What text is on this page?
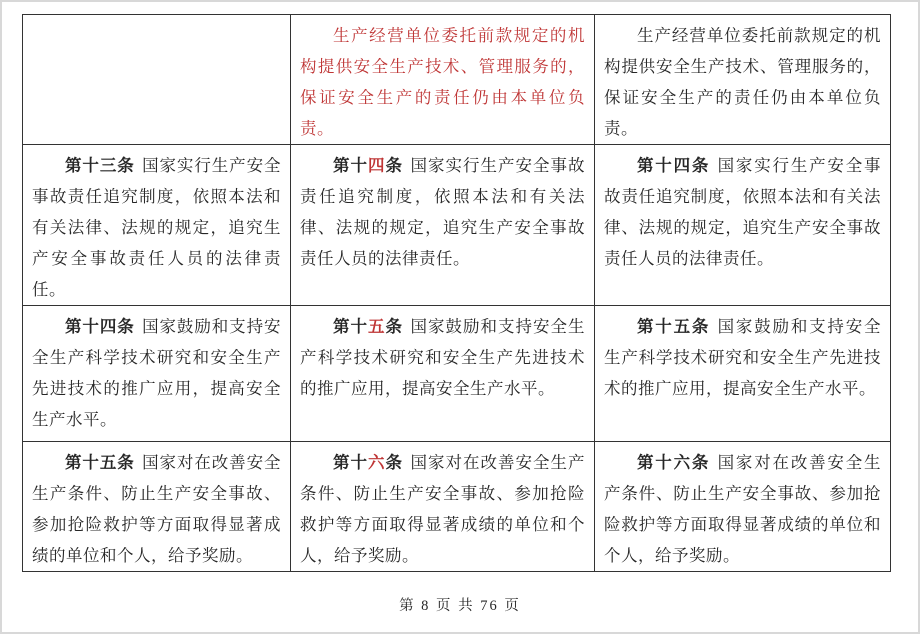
	生产经营单位委托前款规定的机构提供安全生产技术、管理服务的，保证安全生产的责任仍由本单位负责。	生产经营单位委托前款规定的机构提供安全生产技术、管理服务的，保证安全生产的责任仍由本单位负责。

第十三条 国家实行生产安全事故责任追究制度，依照本法和有关法律、法规的规定，追究生产安全事故责任人员的法律责任。	第十四条 国家实行生产安全事故责任追究制度，依照本法和有关法律、法规的规定，追究生产安全事故责任人员的法律责任。	第十四条 国家实行生产安全事故责任追究制度，依照本法和有关法律、法规的规定，追究生产安全事故责任人员的法律责任。

第十四条 国家鼓励和支持安全生产科学技术研究和安全生产先进技术的推广应用，提高安全生产水平。	第十五条 国家鼓励和支持安全生产科学技术研究和安全生产先进技术的推广应用，提高安全生产水平。	第十五条 国家鼓励和支持安全生产科学技术研究和安全生产先进技术的推广应用，提高安全生产水平。

第十五条 国家对在改善安全生产条件、防止生产安全事故、参加抢险救护等方面取得显著成绩的单位和个人，给予奖励。	第十六条 国家对在改善安全生产条件、防止生产安全事故、参加抢险救护等方面取得显著成绩的单位和个人，给予奖励。	第十六条 国家对在改善安全生产条件、防止生产安全事故、参加抢险救护等方面取得显著成绩的单位和个人，给予奖励。

第 8 页 共 76 页
